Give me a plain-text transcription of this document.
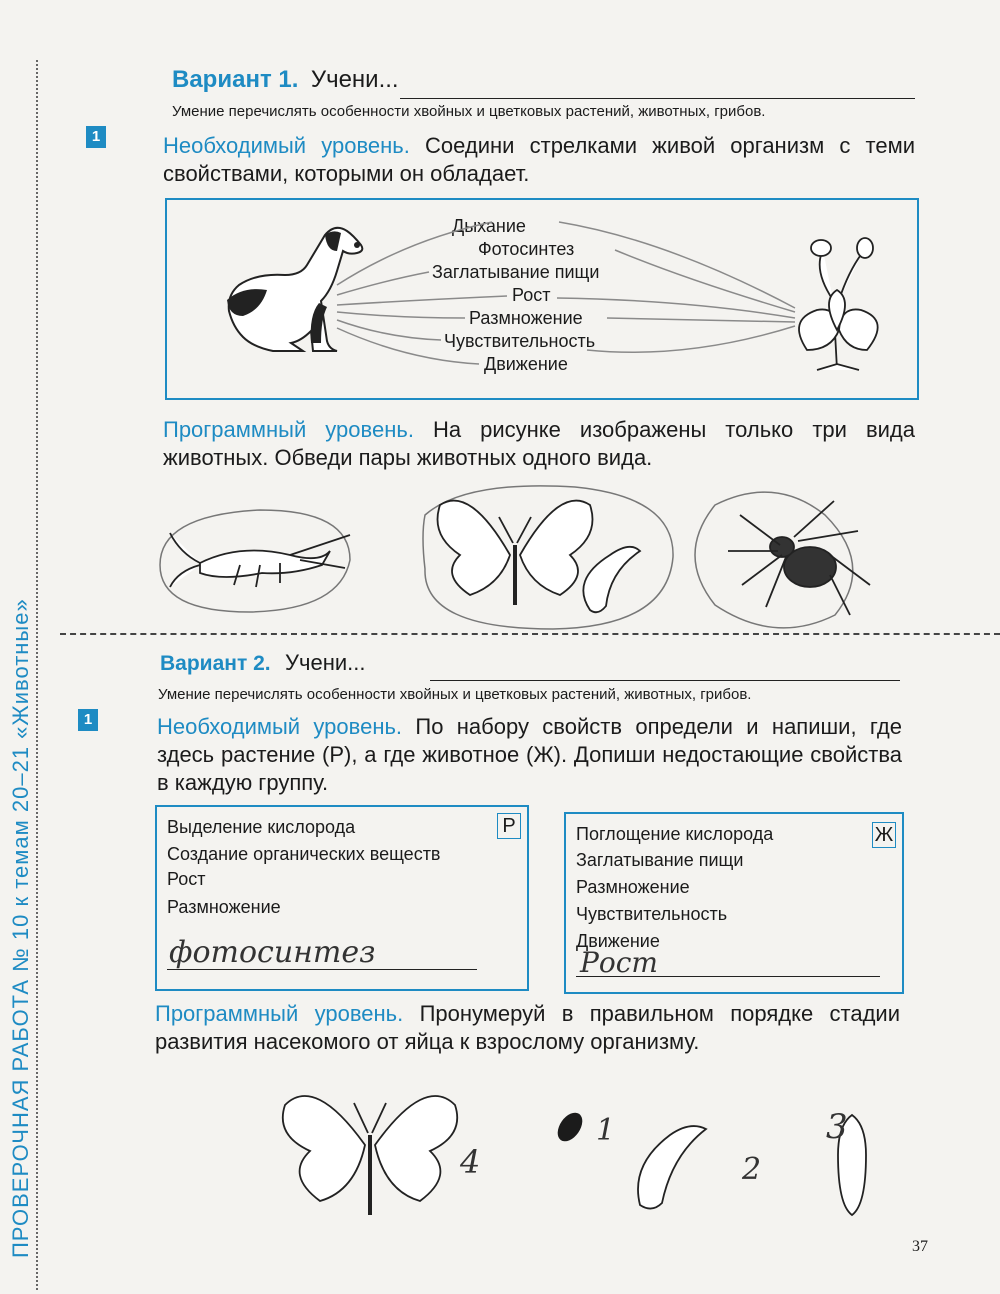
ПРОВЕРОЧНАЯ РАБОТА № 10 к темам 20–21 «Животные»
Вариант 1. Учени...
Умение перечислять особенности хвойных и цветковых растений, животных, грибов.
1	Необходимый уровень. Соедини стрелками живой организм с теми свойствами, которыми он обладает.
Дыхание
Фотосинтез
Заглатывание пищи
Рост
Размножение
Чувствительность
Движение
Программный уровень. На рисунке изображены только три вида животных. Обведи пары животных одного вида.
Вариант 2. Учени...
Умение перечислять особенности хвойных и цветковых растений, животных, грибов.
1	Необходимый уровень. По набору свойств определи и напиши, где здесь растение (Р), а где животное (Ж). Допиши недостающие свойства в каждую группу.
Выделение кислорода
Создание органических веществ
Рост
Размножение
Р
фотосинтез
Поглощение кислорода
Заглатывание пищи
Размножение
Чувствительность
Движение
Ж
Рост
Программный уровень. Пронумеруй в правильном порядке стадии развития насекомого от яйца к взрослому организму.
4
1
2
3
37
